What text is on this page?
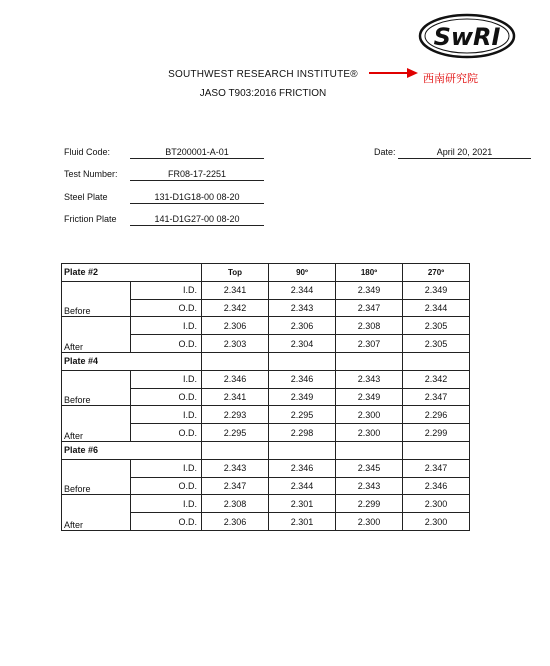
SwRI
SOUTHWEST RESEARCH INSTITUTE®
JASO T903:2016 FRICTION
西南研究院
Fluid Code:	BT200001-A-01
Test Number:	FR08-17-2251
Steel Plate	131-D1G18-00 08-20
Friction Plate	141-D1G27-00 08-20
Date:	April 20, 2021
Plate #2		Top	90º	180º	270º
	I.D.	2.341	2.344	2.349	2.349
Before	O.D.	2.342	2.343	2.347	2.344
	I.D.	2.306	2.306	2.308	2.305
After	O.D.	2.303	2.304	2.307	2.305
Plate #4					
	I.D.	2.346	2.346	2.343	2.342
Before	O.D.	2.341	2.349	2.349	2.347
	I.D.	2.293	2.295	2.300	2.296
After	O.D.	2.295	2.298	2.300	2.299
Plate #6					
	I.D.	2.343	2.346	2.345	2.347
Before	O.D.	2.347	2.344	2.343	2.346
	I.D.	2.308	2.301	2.299	2.300
After	O.D.	2.306	2.301	2.300	2.300
